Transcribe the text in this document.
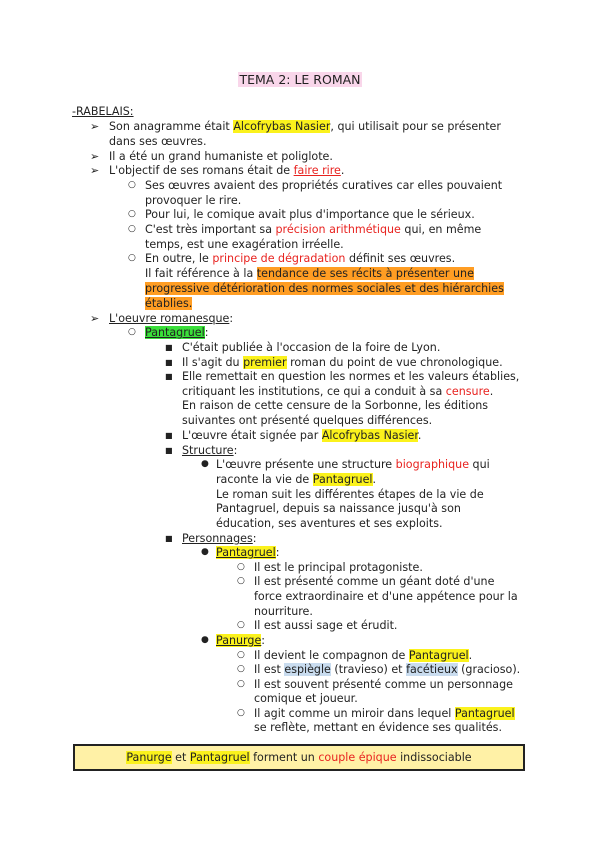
TEMA 2: LE ROMAN
-RABELAIS:
➢ Son anagramme était Alcofrybas Nasier, qui utilisait pour se présenter
dans ses œuvres.
➢ Il a été un grand humaniste et poliglote.
➢ L'objectif de ses romans était de faire rire.
○ Ses œuvres avaient des propriétés curatives car elles pouvaient
provoquer le rire.
○ Pour lui, le comique avait plus d'importance que le sérieux.
○ C'est très important sa précision arithmétique qui, en même
temps, est une exagération irréelle.
○ En outre, le principe de dégradation définit ses œuvres.
Il fait référence à la tendance de ses récits à présenter une
progressive détérioration des normes sociales et des hiérarchies
établies.
➢ L'oeuvre romanesque:
○ Pantagruel:
■ C'était publiée à l'occasion de la foire de Lyon.
■ Il s'agit du premier roman du point de vue chronologique.
■ Elle remettait en question les normes et les valeurs établies,
critiquant les institutions, ce qui a conduit à sa censure.
En raison de cette censure de la Sorbonne, les éditions
suivantes ont présenté quelques différences.
■ L'œuvre était signée par Alcofrybas Nasier.
■ Structure:
● L'œuvre présente une structure biographique qui
raconte la vie de Pantagruel.
Le roman suit les différentes étapes de la vie de
Pantagruel, depuis sa naissance jusqu'à son
éducation, ses aventures et ses exploits.
■ Personnages:
● Pantagruel:
○ Il est le principal protagoniste.
○ Il est présenté comme un géant doté d'une
force extraordinaire et d'une appétence pour la
nourriture.
○ Il est aussi sage et érudit.
● Panurge:
○ Il devient le compagnon de Pantagruel.
○ Il est espiègle (travieso) et facétieux (gracioso).
○ Il est souvent présenté comme un personnage
comique et joueur.
○ Il agit comme un miroir dans lequel Pantagruel
se reflète, mettant en évidence ses qualités.
Panurge et Pantagruel forment un couple épique indissociable
